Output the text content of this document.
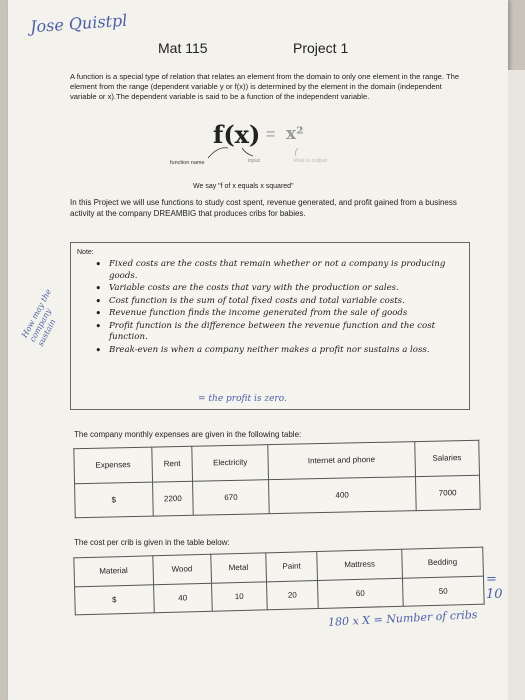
Jose Quistpl
Mat 115	Project 1
A function is a special type of relation that relates an element from the domain to only one element in the range. The element from the range (dependent variable y or f(x)) is determined by the element in the domain (independent variable or x).The dependent variable is said to be a function of the independent variable.
f(x) = x²
function name	input	what is output
We say "f of x equals x squared"
In this Project we will use functions to study cost spent, revenue generated, and profit gained from a business activity at the company DREAMBIG that produces cribs for babies.
Note:
• Fixed costs are the costs that remain whether or not a company is producing goods.
• Variable costs are the costs that vary with the production or sales.
• Cost function is the sum of total fixed costs and total variable costs.
• Revenue function finds the income generated from the sale of goods
• Profit function is the difference between the revenue function and the cost function.
• Break-even is when a company neither makes a profit nor sustains a loss.
How may the company sustain
= the profit is zero.
The company monthly expenses are given in the following table:
Expenses	Rent	Electricity	Internet and phone	Salaries
$	2200	670	400	7000
The cost per crib is given in the table below:
Material	Wood	Metal	Paint	Mattress	Bedding
$	40	10	20	60	50
= 10
180 x X = Number of cribs
